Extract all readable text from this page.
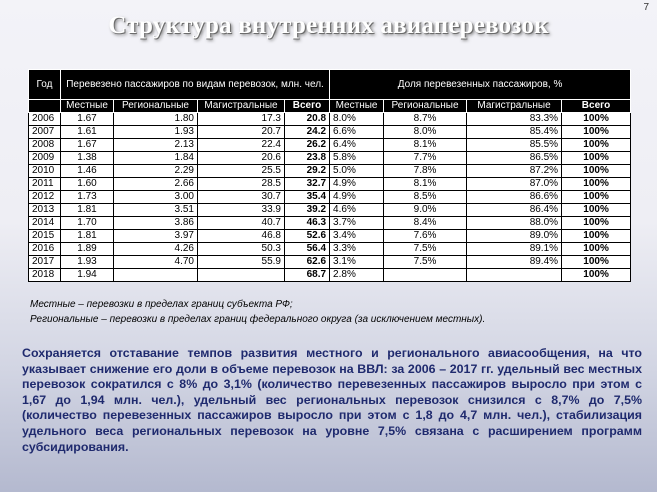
7
Структура внутренних авиаперевозок
Год	Перевезено пассажиров по видам перевозок, млн. чел.				Доля перевезенных пассажиров, %			
	Местные	Региональные	Магистральные	Всего	Местные	Региональные	Магистральные	Всего
2006	1.67	1.80	17.3	20.8	8.0%	8.7%	83.3%	100%
2007	1.61	1.93	20.7	24.2	6.6%	8.0%	85.4%	100%
2008	1.67	2.13	22.4	26.2	6.4%	8.1%	85.5%	100%
2009	1.38	1.84	20.6	23.8	5.8%	7.7%	86.5%	100%
2010	1.46	2.29	25.5	29.2	5.0%	7.8%	87.2%	100%
2011	1.60	2.66	28.5	32.7	4.9%	8.1%	87.0%	100%
2012	1.73	3.00	30.7	35.4	4.9%	8.5%	86.6%	100%
2013	1.81	3.51	33.9	39.2	4.6%	9.0%	86.4%	100%
2014	1.70	3.86	40.7	46.3	3.7%	8.4%	88.0%	100%
2015	1.81	3.97	46.8	52.6	3.4%	7.6%	89.0%	100%
2016	1.89	4.26	50.3	56.4	3.3%	7.5%	89.1%	100%
2017	1.93	4.70	55.9	62.6	3.1%	7.5%	89.4%	100%
2018	1.94			68.7	2.8%			100%
Местные – перевозки в пределах границ субъекта РФ;
Региональные – перевозки в пределах границ федерального округа (за исключением местных).
Сохраняется отставание темпов развития местного и регионального авиасообщения, на что указывает снижение его доли в объеме перевозок на ВВЛ: за 2006 – 2017 гг. удельный вес местных перевозок сократился с 8% до 3,1% (количество перевезенных пассажиров выросло при этом с 1,67 до 1,94 млн. чел.), удельный вес региональных перевозок снизился с 8,7% до 7,5% (количество перевезенных пассажиров выросло при этом с 1,8 до 4,7 млн. чел.), стабилизация удельного веса региональных перевозок на уровне 7,5% связана с расширением программ субсидирования.
